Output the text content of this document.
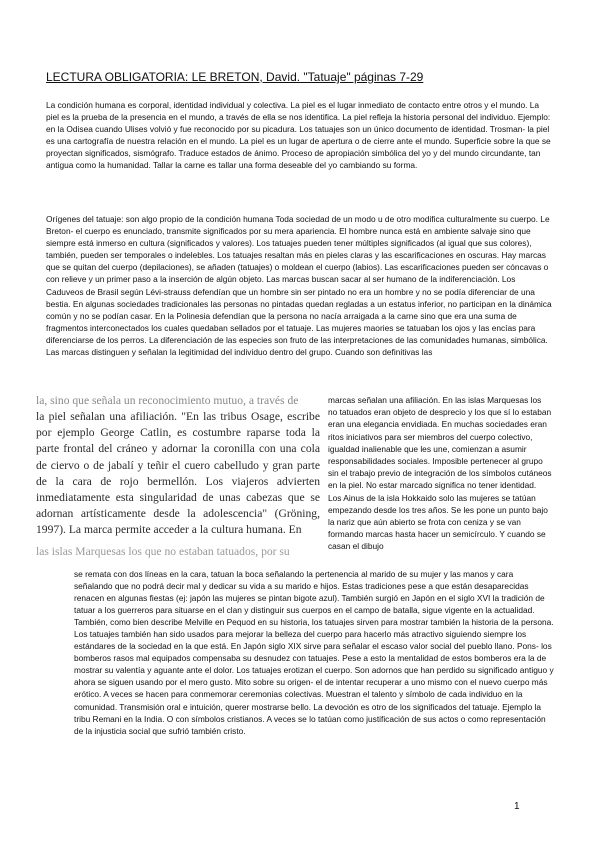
LECTURA OBLIGATORIA: LE BRETON, David. "Tatuaje" páginas 7-29

La condición humana es corporal, identidad individual y colectiva. La piel es el lugar inmediato de contacto entre otros y el mundo. La piel es la prueba de la presencia en el mundo, a través de ella se nos identifica. La piel refleja la historia personal del individuo. Ejemplo: en la Odisea cuando Ulises volvió y fue reconocido por su picadura. Los tatuajes son un único documento de identidad. Trosman- la piel es una cartografía de nuestra relación en el mundo. La piel es un lugar de apertura o de cierre ante el mundo. Superficie sobre la que se proyectan significados, sismógrafo. Traduce estados de ánimo. Proceso de apropiación simbólica del yo y del mundo circundante, tan antigua como la humanidad. Tallar la carne es tallar una forma deseable del yo cambiando su forma.

Orígenes del tatuaje: son algo propio de la condición humana Toda sociedad de un modo u de otro modifica culturalmente su cuerpo. Le Breton- el cuerpo es enunciado, transmite significados por su mera apariencia. El hombre nunca está en ambiente salvaje sino que siempre está inmerso en cultura (significados y valores). Los tatuajes pueden tener múltiples significados (al igual que sus colores), también, pueden ser temporales o indelebles. Los tatuajes resaltan más en pieles claras y las escarificaciones en oscuras. Hay marcas que se quitan del cuerpo (depilaciones), se añaden (tatuajes) o moldean el cuerpo (labios). Las escarificaciones pueden ser cóncavas o con relieve y un primer paso a la inserción de algún objeto. Las marcas buscan sacar al ser humano de la indiferenciación. Los Caduveos de Brasil según Lévi-strauss defendían que un hombre sin ser pintado no era un hombre y no se podía diferenciar de una bestia. En algunas sociedades tradicionales las personas no pintadas quedan regladas a un estatus inferior, no participan en la dinámica común y no se podían casar. En la Polinesia defendían que la persona no nacía arraigada a la carne sino que era una suma de fragmentos interconectados los cuales quedaban sellados por el tatuaje. Las mujeres maories se tatuaban los ojos y las encías para diferenciarse de los perros. La diferenciación de las especies son fruto de las interpretaciones de las comunidades humanas, simbólica. Las marcas distinguen y señalan la legitimidad del individuo dentro del grupo. Cuando son definitivas las

la, sino que señala un reconocimiento mutuo, a través de
la piel señalan una afiliación. "En las tribus Osage, escribe por ejemplo George Catlin, es costumbre raparse toda la parte frontal del cráneo y adornar la coronilla con una cola de ciervo o de jabalí y teñir el cuero cabelludo y gran parte de la cara de rojo bermellón. Los viajeros advierten inmediatamente esta singularidad de unas cabezas que se adornan artísticamente desde la adolescencia" (Gröning, 1997). La marca permite acceder a la cultura humana. En
las islas Marquesas los que no estaban tatuados, por su

marcas señalan una afiliación. En las islas Marquesas los no tatuados eran objeto de desprecio y los que sí lo estaban eran una elegancia envidiada. En muchas sociedades eran ritos iniciativos para ser miembros del cuerpo colectivo, igualdad inalienable que les une, comienzan a asumir responsabilidades sociales. Imposible pertenecer al grupo sin el trabajo previo de integración de los símbolos cutáneos en la piel. No estar marcado significa no tener identidad. Los Ainus de la isla Hokkaido solo las mujeres se tatúan empezando desde los tres años. Se les pone un punto bajo la nariz que aún abierto se frota con ceniza y se van formando marcas hasta hacer un semicírculo. Y cuando se casan el dibujo

se remata con dos líneas en la cara, tatuan la boca señalando la pertenencia al marido de su mujer y las manos y cara señalando que no podrá decir mal y dedicar su vida a su marido e hijos. Estas tradiciones pese a que están desaparecidas renacen en algunas fiestas (ej: japón las mujeres se pintan bigote azul). También surgió en Japón en el siglo XVI la tradición de tatuar a los guerreros para situarse en el clan y distinguir sus cuerpos en el campo de batalla, sigue vigente en la actualidad. También, como bien describe Melville en Pequod en su historia, los tatuajes sirven para mostrar también la historia de la persona. Los tatuajes también han sido usados para mejorar la belleza del cuerpo para hacerlo más atractivo siguiendo siempre los estándares de la sociedad en la que está. En Japón siglo XIX sirve para señalar el escaso valor social del pueblo llano. Pons- los bomberos rasos mal equipados compensaba su desnudez con tatuajes. Pese a esto la mentalidad de estos bomberos era la de mostrar su valentía y aguante ante el dolor. Los tatuajes erotizan el cuerpo. Son adornos que han perdido su significado antiguo y ahora se siguen usando por el mero gusto. Mito sobre su origen- el de intentar recuperar a uno mismo con el nuevo cuerpo más erótico. A veces se hacen para conmemorar ceremonias colectivas. Muestran el talento y símbolo de cada individuo en la comunidad. Transmisión oral e intuición, querer mostrarse bello. La devoción es otro de los significados del tatuaje. Ejemplo la tribu Remani en la India. O con símbolos cristianos. A veces se lo tatúan como justificación de sus actos o como representación de la injusticia social que sufrió también cristo.

1
